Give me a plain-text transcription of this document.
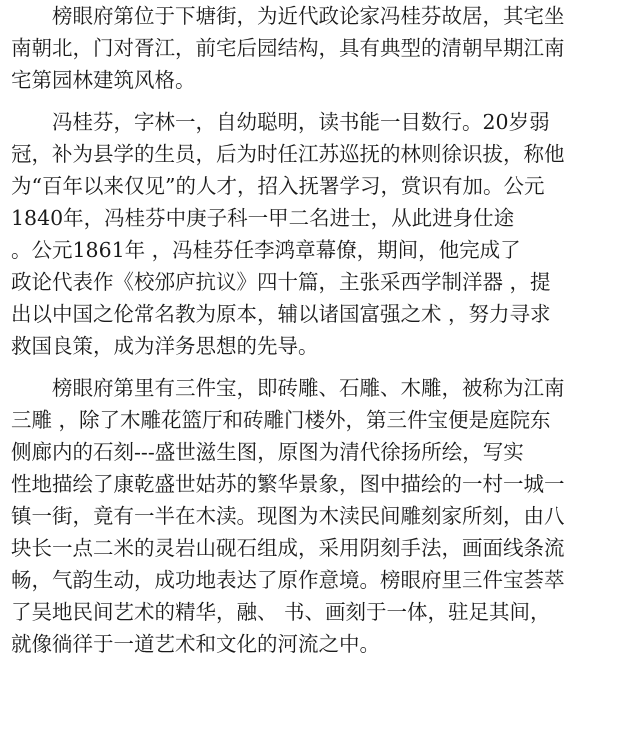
榜眼府第位于下塘街，为近代政论家冯桂芬故居，其宅坐
南朝北，门对胥江，前宅后园结构，具有典型的清朝早期江南
宅第园林建筑风格。
冯桂芬，字林一，自幼聪明，读书能一目数行。20岁弱
冠，补为县学的生员，后为时任江苏巡抚的林则徐识拔，称他
为“百年以来仅见”的人才，招入抚署学习，赏识有加。公元
1840年，冯桂芬中庚子科一甲二名进士，从此进身仕途
。公元1861年 ，冯桂芬任李鸿章幕僚，期间，他完成了
政论代表作《校邠庐抗议》四十篇，主张采西学制洋器 ，提
出以中国之伦常名教为原本，辅以诸国富强之术 ，努力寻求
救国良策，成为洋务思想的先导。
榜眼府第里有三件宝，即砖雕、石雕、木雕，被称为江南
三雕 ，除了木雕花篮厅和砖雕门楼外，第三件宝便是庭院东
侧廊内的石刻---盛世滋生图，原图为清代徐扬所绘，写实
性地描绘了康乾盛世姑苏的繁华景象，图中描绘的一村一城一
镇一街，竟有一半在木渎。现图为木渎民间雕刻家所刻，由八
块长一点二米的灵岩山砚石组成，采用阴刻手法，画面线条流
畅，气韵生动，成功地表达了原作意境。榜眼府里三件宝荟萃
了吴地民间艺术的精华，融、 书、画刻于一体，驻足其间，
就像徜徉于一道艺术和文化的河流之中。
